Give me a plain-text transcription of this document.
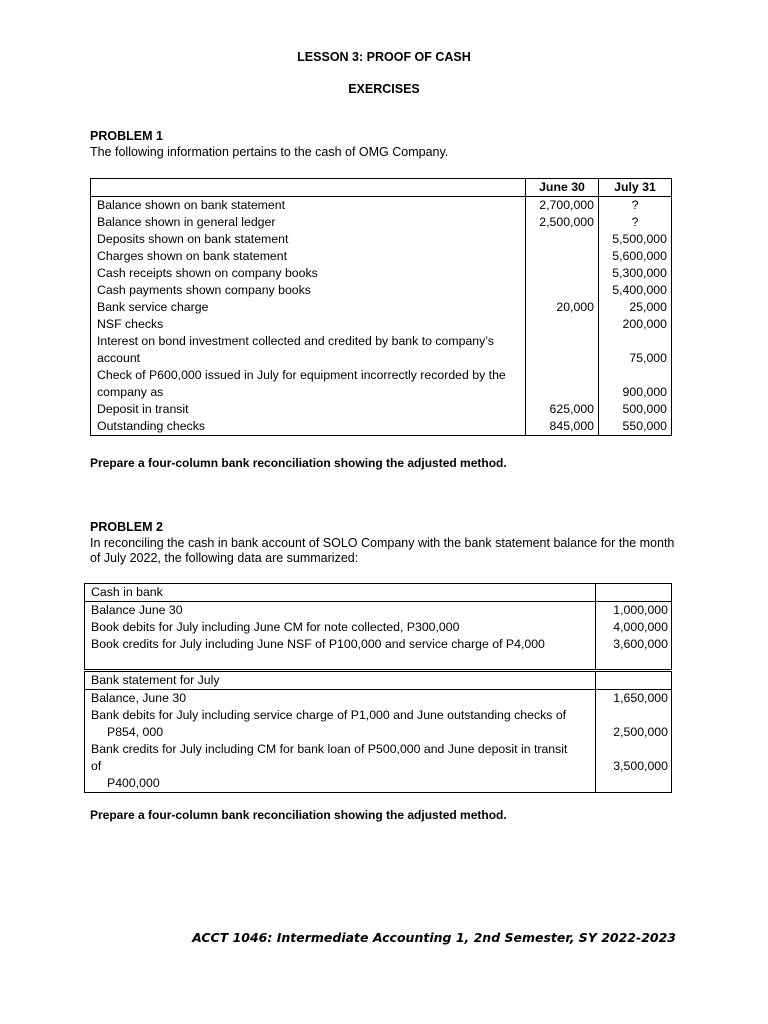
LESSON 3: PROOF OF CASH
EXERCISES
PROBLEM 1
The following information pertains to the cash of OMG Company.
	June 30	July 31
Balance shown on bank statement	2,700,000	?
Balance shown in general ledger	2,500,000	?
Deposits shown on bank statement		5,500,000
Charges shown on bank statement		5,600,000
Cash receipts shown on company books		5,300,000
Cash payments shown company books		5,400,000
Bank service charge	20,000	25,000
NSF checks		200,000

Interest on bond investment collected and credited by bank to company’s
account		75,000

Check of P600,000 issued in July for equipment incorrectly recorded by the
company as		900,000
Deposit in transit	625,000	500,000
Outstanding checks	845,000	550,000
Prepare a four-column bank reconciliation showing the adjusted method.
PROBLEM 2
In reconciling the cash in bank account of SOLO Company with the bank statement balance for the month
of July 2022, the following data are summarized:
Cash in bank	
Balance June 30	1,000,000
Book debits for July including June CM for note collected, P300,000	4,000,000
Book credits for July including June NSF of P100,000 and service charge of P4,000	3,600,000
Bank statement for July	
Balance, June 30	1,650,000

Bank debits for July including service charge of P1,000 and June outstanding checks of
P854, 000	2,500,000

Bank credits for July including CM for bank loan of P500,000 and June deposit in transit
of
P400,000	3,500,000
Prepare a four-column bank reconciliation showing the adjusted method.
ACCT 1046: Intermediate Accounting 1, 2nd Semester, SY 2022-2023
